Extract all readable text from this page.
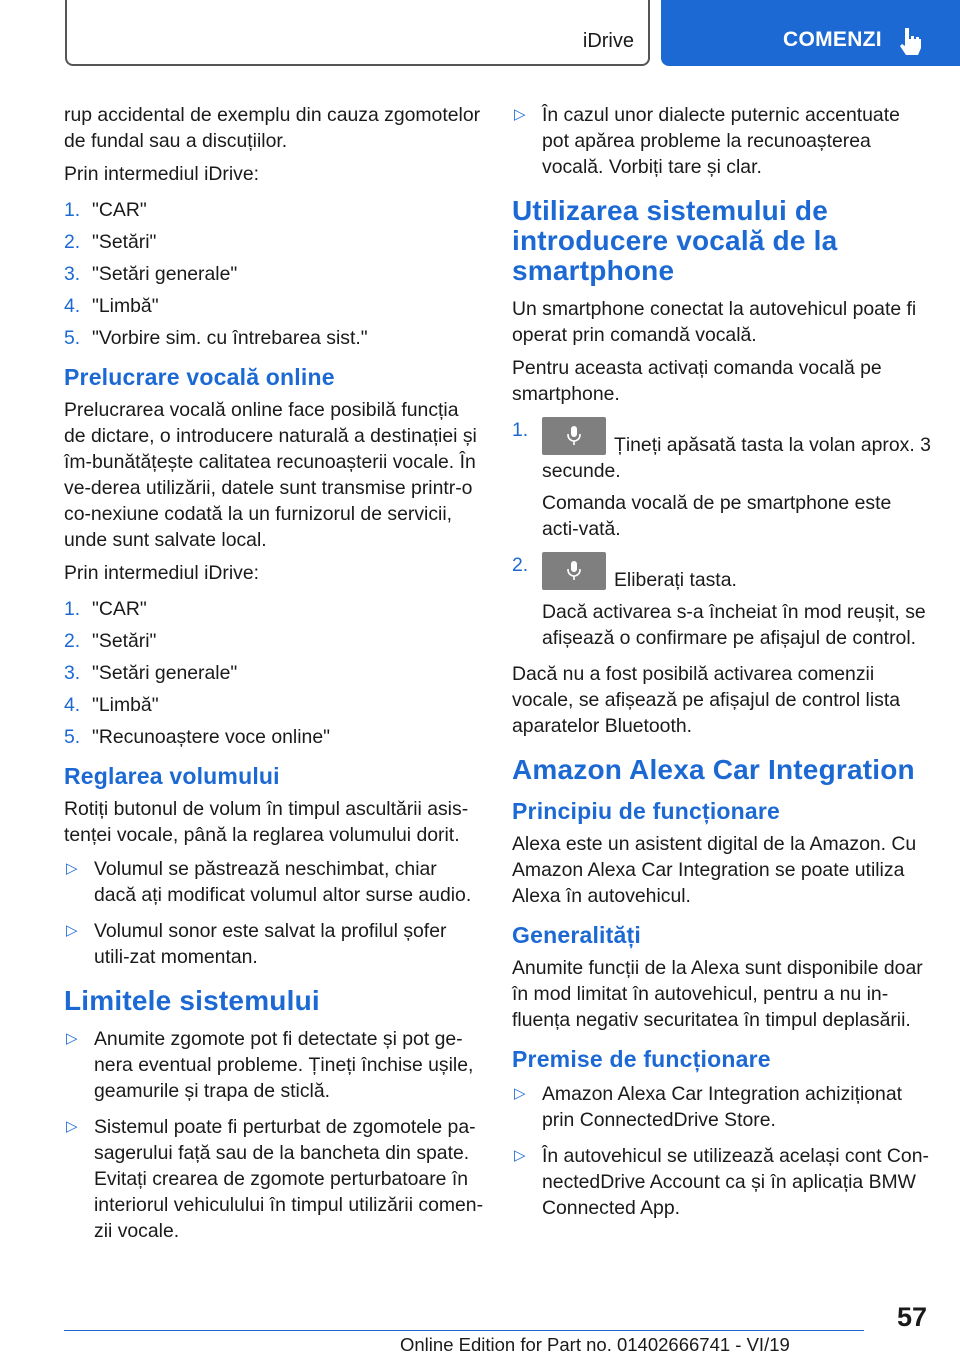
iDrive	COMENZI

rup accidental de exemplu din cauza zgomotelor de fundal sau a discuțiilor.

Prin intermediul iDrive:

1. "CAR"
2. "Setări"
3. "Setări generale"
4. "Limbă"
5. "Vorbire sim. cu întrebarea sist."
Prelucrare vocală online

Prelucrarea vocală online face posibilă funcția de dictare, o introducere naturală a destinației și îm‐bunătățește calitatea recunoașterii vocale. În ve‐derea utilizării, datele sunt transmise printr-o co‐nexiune codată la un furnizorul de servicii, unde sunt salvate local.

Prin intermediul iDrive:

1. "CAR"
2. "Setări"
3. "Setări generale"
4. "Limbă"
5. "Recunoaștere voce online"
Reglarea volumului

Rotiți butonul de volum în timpul ascultării asis‐tenței vocale, până la reglarea volumului dorit.

▷ Volumul se păstrează neschimbat, chiar dacă ați modificat volumul altor surse audio.
▷ Volumul sonor este salvat la profilul șofer utili‐zat momentan.
Limitele sistemului
▷ Anumite zgomote pot fi detectate și pot ge‐nera eventual probleme. Țineți închise ușile, geamurile și trapa de sticlă.
▷ Sistemul poate fi perturbat de zgomotele pa‐sagerului față sau de la bancheta din spate. Evitați crearea de zgomote perturbatoare în interiorul vehiculului în timpul utilizării comen‐zii vocale.
▷ În cazul unor dialecte puternic accentuate pot apărea probleme la recunoașterea vocală. Vorbiți tare și clar.
Utilizarea sistemului de introducere vocală de la smartphone

Un smartphone conectat la autovehicul poate fi operat prin comandă vocală.

Pentru aceasta activați comanda vocală pe smartphone.

1.
Țineți apăsată tasta la volan aprox. 3 secunde.

Comanda vocală de pe smartphone este acti‐vată.

2.
Eliberați tasta.

Dacă activarea s-a încheiat în mod reușit, se afișează o confirmare pe afișajul de control.

Dacă nu a fost posibilă activarea comenzii vocale, se afișează pe afișajul de control lista aparatelor Bluetooth.

Amazon Alexa Car Integration
Principiu de funcționare

Alexa este un asistent digital de la Amazon. Cu Amazon Alexa Car Integration se poate utiliza Alexa în autovehicul.

Generalități

Anumite funcții de la Alexa sunt disponibile doar în mod limitat în autovehicul, pentru a nu in‐fluența negativ securitatea în timpul deplasării.

Premise de funcționare
▷ Amazon Alexa Car Integration achiziționat prin ConnectedDrive Store.
▷ În autovehicul se utilizează același cont Con‐nectedDrive Account ca și în aplicația BMW Connected App.
57
Online Edition for Part no. 01402666741 - VI/19
